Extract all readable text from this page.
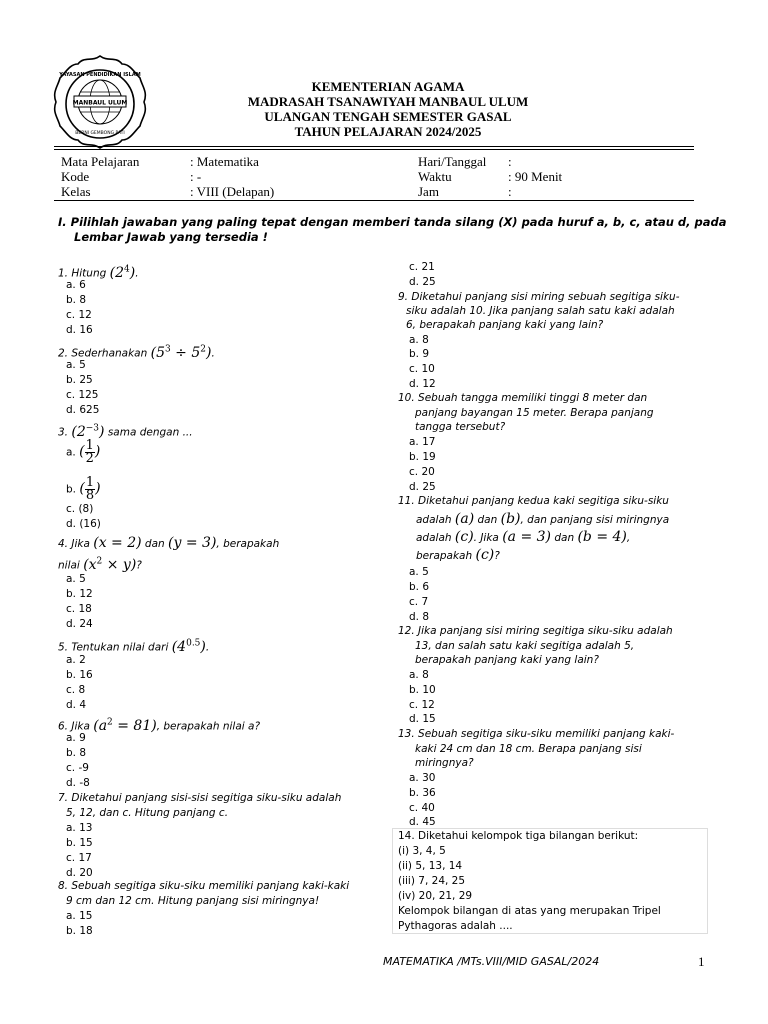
MANBAUL ULUM
YAYASAN PENDIDIKAN ISLAM
BERNI GEMBONG PATI
KEMENTERIAN AGAMA
MADRASAH TSANAWIYAH MANBAUL ULUM
ULANGAN TENGAH SEMESTER GASAL
TAHUN PELAJARAN 2024/2025
Mata Pelajaran	: Matematika
Kode	: -
Kelas	: VIII (Delapan)
Hari/Tanggal :
Waktu	: 90 Menit
Jam	:
I. Pilihlah jawaban yang paling tepat dengan memberi tanda silang (X) pada huruf a, b, c, atau d, pada
Lembar Jawab yang tersedia !
1. Hitung $(2^4)$.
a. 6
b. 8
c. 12
d. 16
2. Sederhanakan $(5^3 \div 5^2)$.
a. 5
b. 25
c. 125
d. 625
3. $(2^{-3})$ sama dengan ...
a. ( $\frac{1}{2}$ )
b. ( $\frac{1}{8}$ )
c. (8)
d. (16)
4. Jika (x = 2) dan (y = 3), berapakah
nilai $(x^2 \times y)$?
a. 5
b. 12
c. 18
d. 24
5. Tentukan nilai dari $(4^{0.5})$.
a. 2
b. 16
c. 8
d. 4
6. Jika $(a^2 = 81)$, berapakah nilai a?
a. 9
b. 8
c. -9
d. -8
7. Diketahui panjang sisi-sisi segitiga siku-siku adalah
5, 12, dan c. Hitung panjang c.
a. 13
b. 15
c. 17
d. 20
8. Sebuah segitiga siku-siku memiliki panjang kaki-kaki
9 cm dan 12 cm. Hitung panjang sisi miringnya!
a. 15
b. 18
c. 21
d. 25
9. Diketahui panjang sisi miring sebuah segitiga siku-
siku adalah 10. Jika panjang salah satu kaki adalah
6, berapakah panjang kaki yang lain?
a. 8
b. 9
c. 10
d. 12
10. Sebuah tangga memiliki tinggi 8 meter dan
panjang bayangan 15 meter. Berapa panjang
tangga tersebut?
a. 17
b. 19
c. 20
d. 25
11. Diketahui panjang kedua kaki segitiga siku-siku
adalah (a) dan (b), dan panjang sisi miringnya
adalah (c). Jika (a = 3) dan (b = 4),
berapakah (c)?
a. 5
b. 6
c. 7
d. 8
12. Jika panjang sisi miring segitiga siku-siku adalah
13, dan salah satu kaki segitiga adalah 5,
berapakah panjang kaki yang lain?
a. 8
b. 10
c. 12
d. 15
13. Sebuah segitiga siku-siku memiliki panjang kaki-
kaki 24 cm dan 18 cm. Berapa panjang sisi
miringnya?
a. 30
b. 36
c. 40
d. 45
14. Diketahui kelompok tiga bilangan berikut:
(i) 3, 4, 5
(ii) 5, 13, 14
(iii) 7, 24, 25
(iv) 20, 21, 29
Kelompok bilangan di atas yang merupakan Tripel
Pythagoras adalah ....
MATEMATIKA /MTs.VIII/MID GASAL/2024	1
